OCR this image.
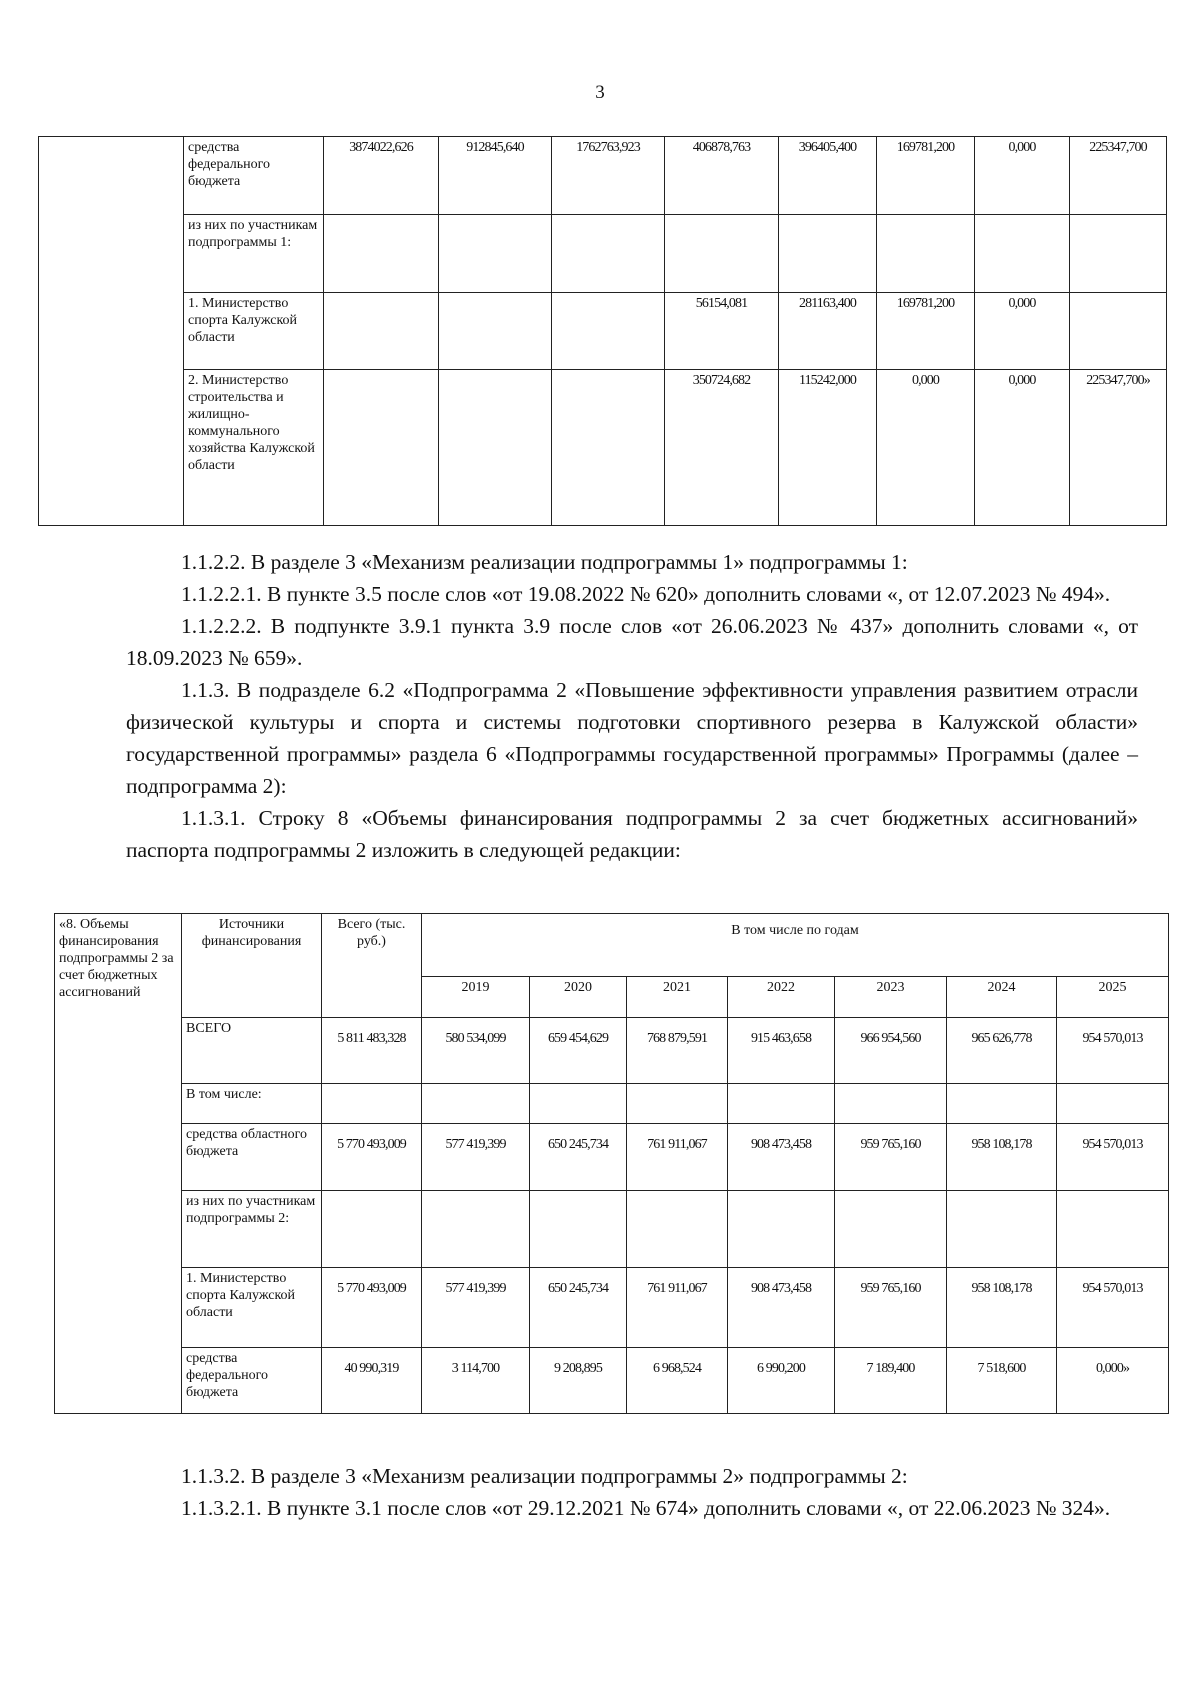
3
	средства федерального бюджета	3874022,626	912845,640	1762763,923	406878,763	396405,400	169781,200	0,000	225347,700
	из них по участникам подпрограммы 1:								
	1. Министерство спорта Калужской области				56154,081	281163,400	169781,200	0,000	
	2. Министерство строительства и жилищно-коммунального хозяйства Калужской области				350724,682	115242,000	0,000	0,000	225347,700»

1.1.2.2. В разделе 3 «Механизм реализации подпрограммы 1» подпрограммы 1:

1.1.2.2.1. В пункте 3.5 после слов «от 19.08.2022 № 620» дополнить словами «, от 12.07.2023 № 494».

1.1.2.2.2. В подпункте 3.9.1 пункта 3.9 после слов «от 26.06.2023 № 437» дополнить словами «, от 18.09.2023 № 659».

1.1.3. В подразделе 6.2 «Подпрограмма 2 «Повышение эффективности управления развитием отрасли физической культуры и спорта и системы подготовки спортивного резерва в Калужской области» государственной программы» раздела 6 «Подпрограммы государственной программы» Программы (далее – подпрограмма 2):

1.1.3.1. Строку 8 «Объемы финансирования подпрограммы 2 за счет бюджетных ассигнований» паспорта подпрограммы 2 изложить в следующей редакции:

«8. Объемы финансирования подпрограммы 2 за счет бюджетных ассигнований	Источники финансирования	Всего (тыс. руб.)	В том числе по годам						
			2019	2020	2021	2022	2023	2024	2025
	ВСЕГО	5 811 483,328	580 534,099	659 454,629	768 879,591	915 463,658	966 954,560	965 626,778	954 570,013
	В том числе:								
	средства областного бюджета	5 770 493,009	577 419,399	650 245,734	761 911,067	908 473,458	959 765,160	958 108,178	954 570,013
	из них по участникам подпрограммы 2:								
	1. Министерство спорта Калужской области	5 770 493,009	577 419,399	650 245,734	761 911,067	908 473,458	959 765,160	958 108,178	954 570,013
	средства федерального бюджета	40 990,319	3 114,700	9 208,895	6 968,524	6 990,200	7 189,400	7 518,600	0,000»

1.1.3.2. В разделе 3 «Механизм реализации подпрограммы 2» подпрограммы 2:

1.1.3.2.1. В пункте 3.1 после слов «от 29.12.2021 № 674» дополнить словами «, от 22.06.2023 № 324».
